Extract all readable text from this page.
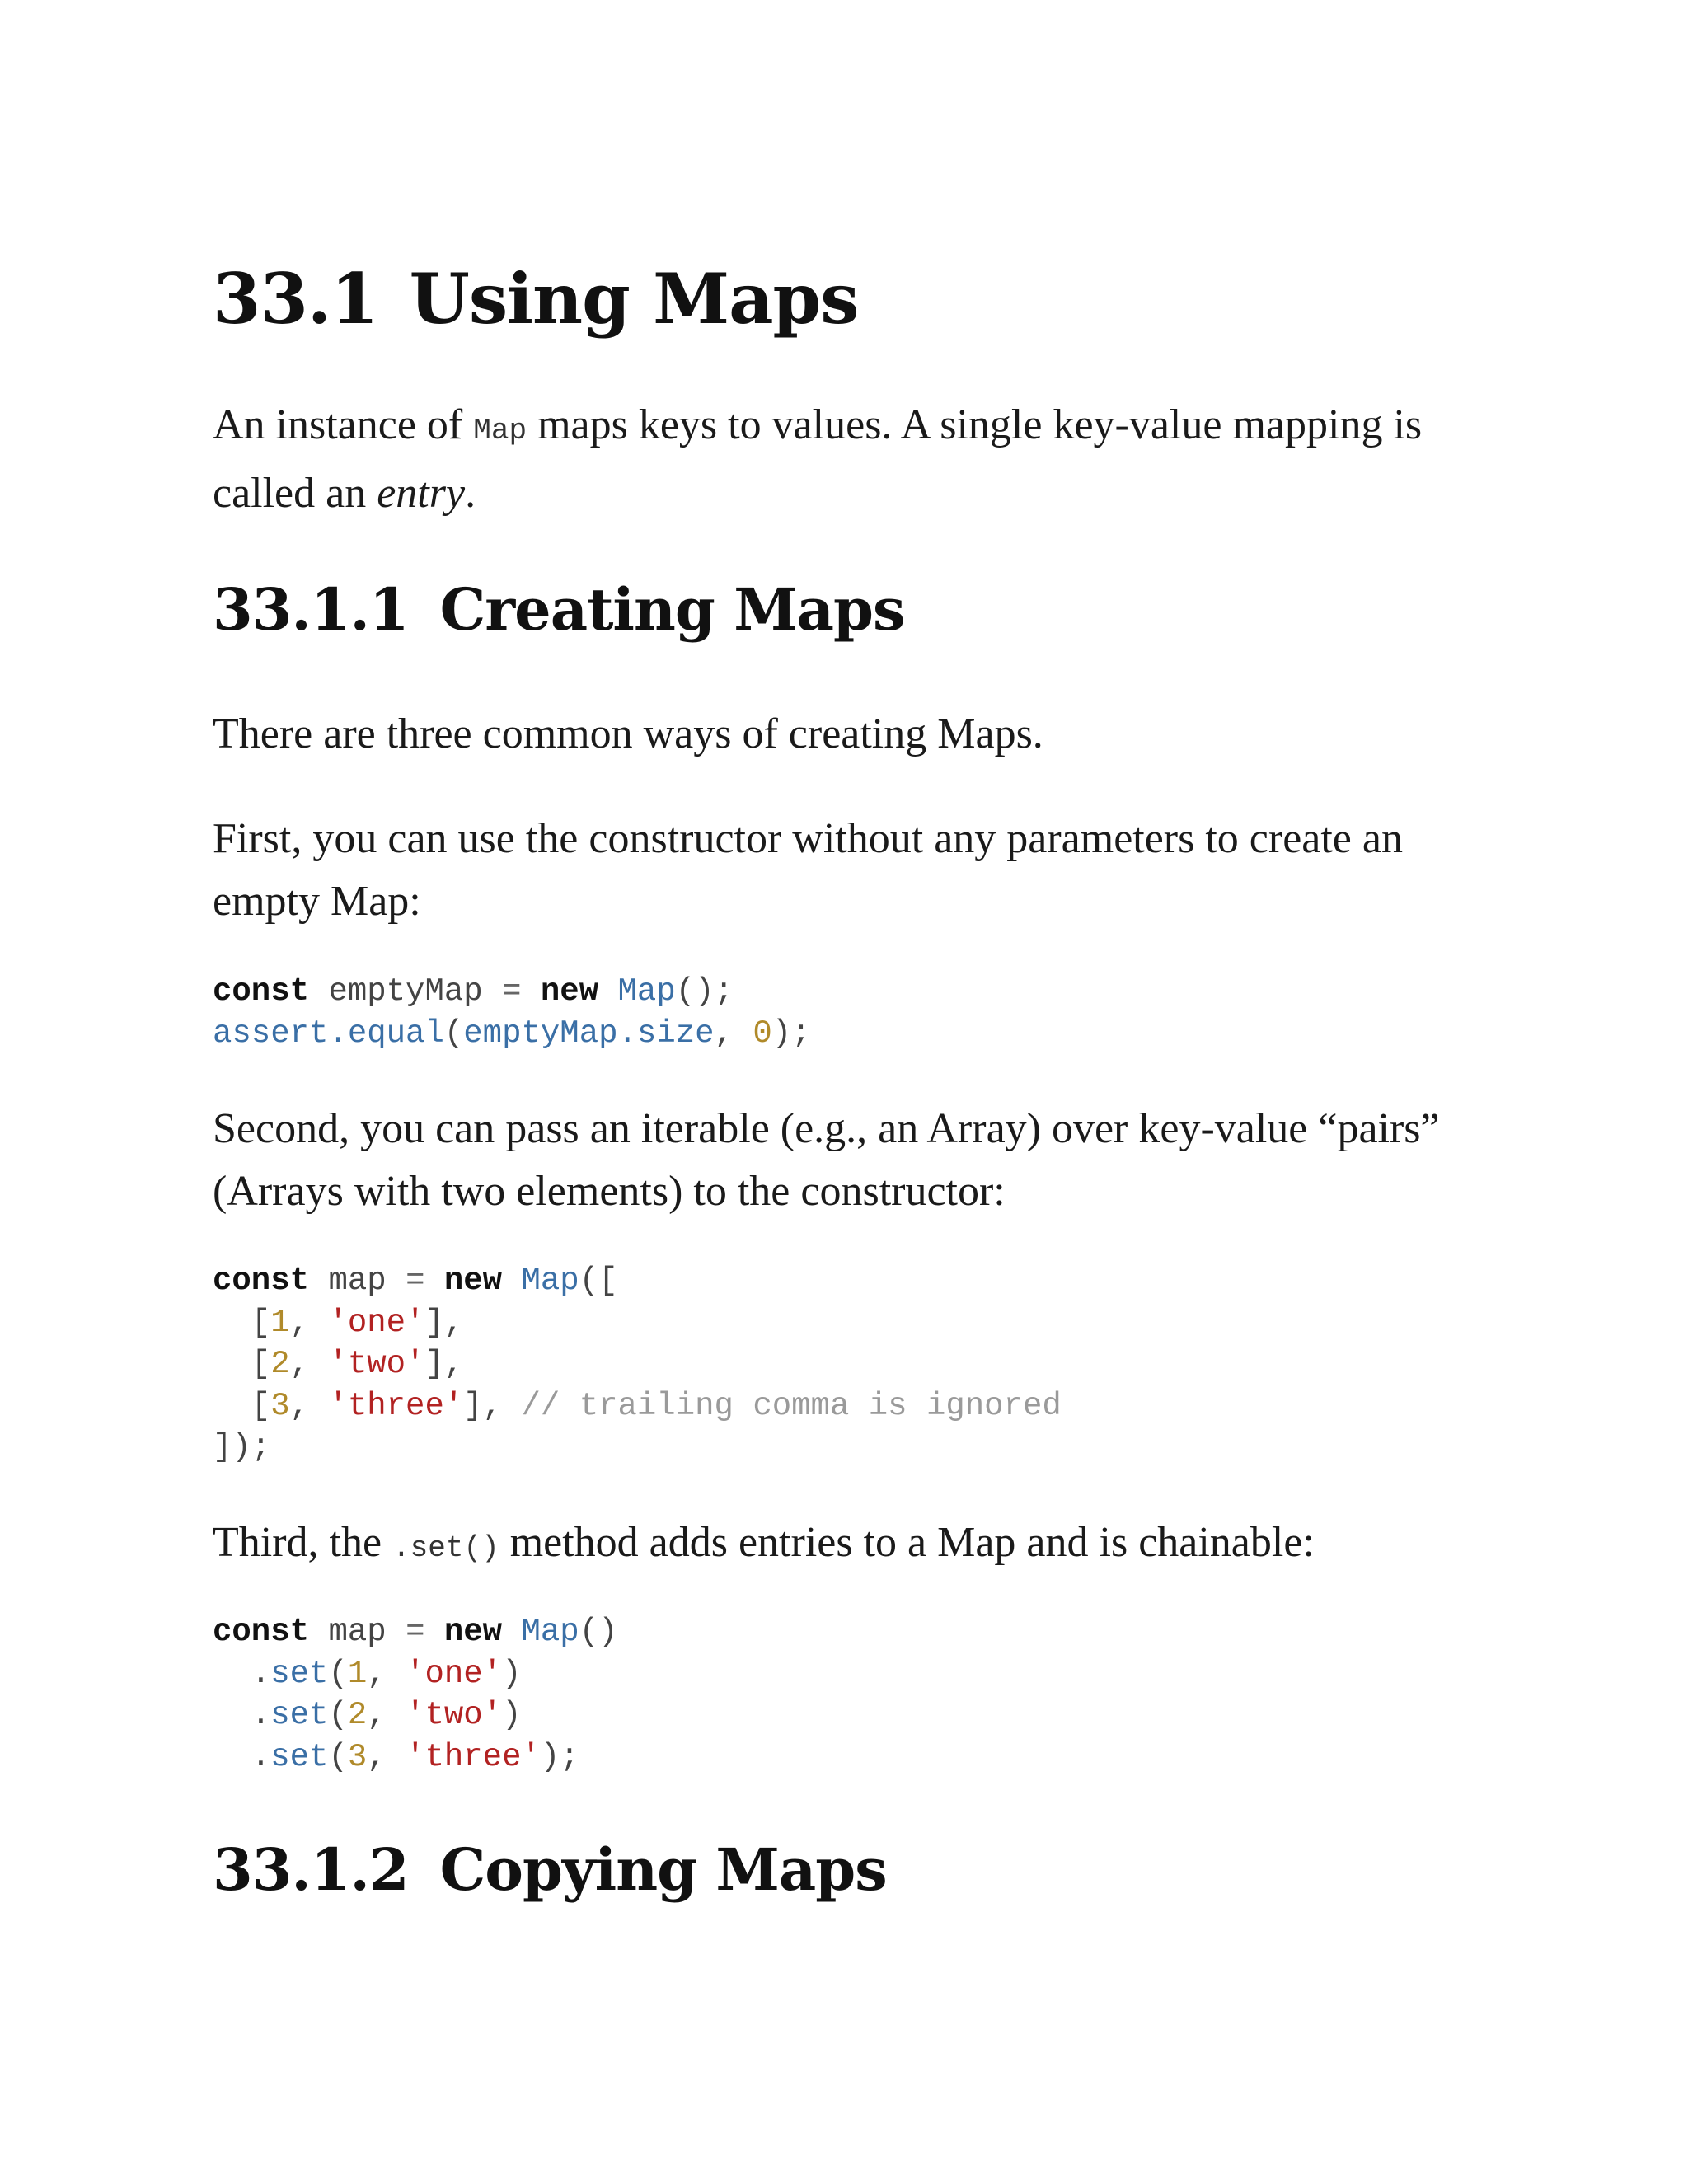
33.1 Using Maps

An instance of Map maps keys to values. A single key-value mapping is called an entry.

33.1.1 Creating Maps

There are three common ways of creating Maps.

First, you can use the constructor without any parameters to create an empty Map:

const emptyMap = new Map();
assert.equal(emptyMap.size, 0);

Second, you can pass an iterable (e.g., an Array) over key-value “pairs” (Arrays with two elements) to the constructor:

const map = new Map([
[1, 'one'],
[2, 'two'],
[3, 'three'], // trailing comma is ignored
]);

Third, the .set() method adds entries to a Map and is chainable:

const map = new Map()
.set(1, 'one')
.set(2, 'two')
.set(3, 'three');
33.1.2 Copying Maps
